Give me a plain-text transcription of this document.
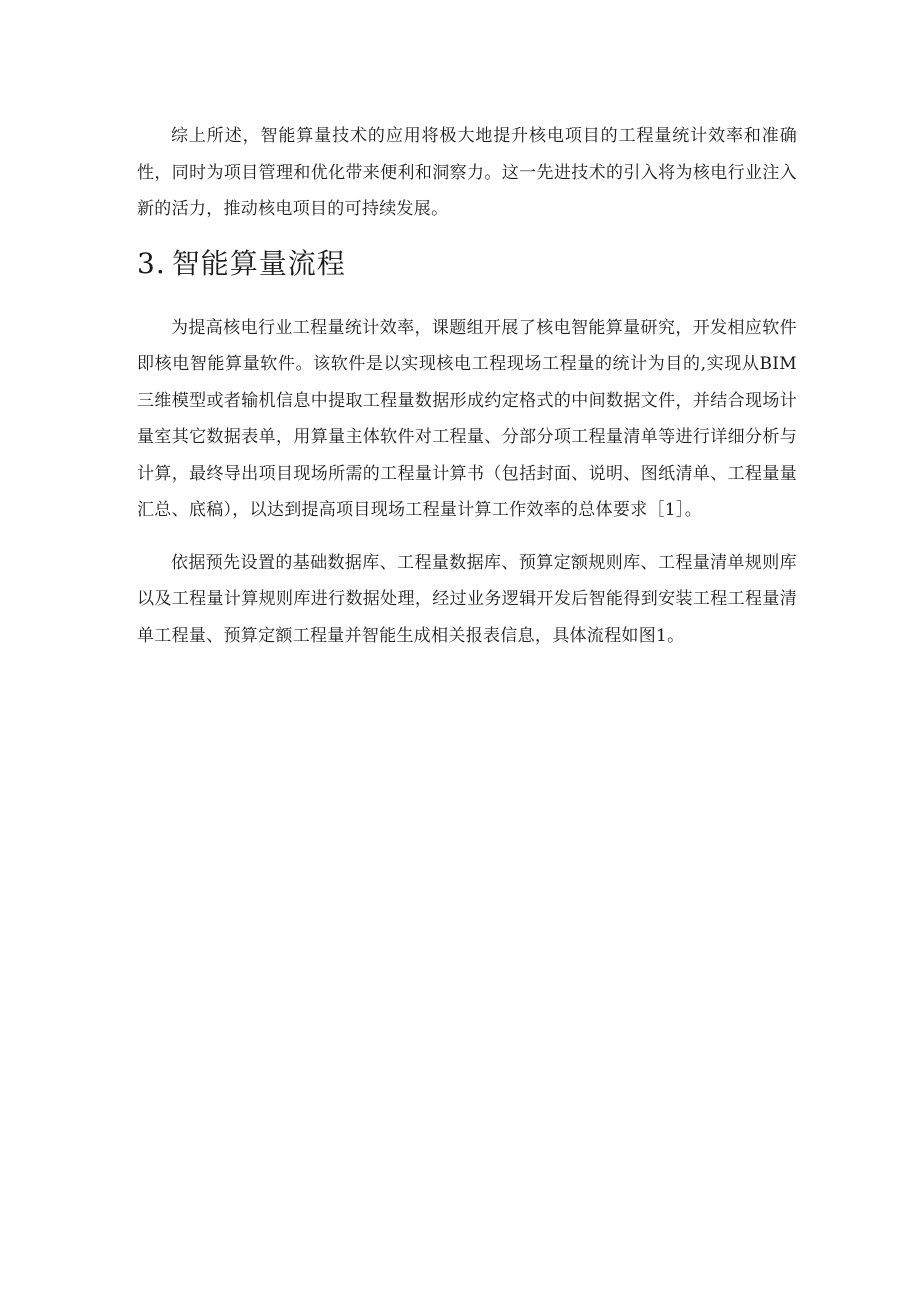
综上所述，智能算量技术的应用将极大地提升核电项目的工程量统计效率和准确性，同时为项目管理和优化带来便利和洞察力。这一先进技术的引入将为核电行业注入新的活力，推动核电项目的可持续发展。

3. 智能算量流程

为提高核电行业工程量统计效率，课题组开展了核电智能算量研究，开发相应软件即核电智能算量软件。该软件是以实现核电工程现场工程量的统计为目的,实现从BIM三维模型或者输机信息中提取工程量数据形成约定格式的中间数据文件，并结合现场计量室其它数据表单，用算量主体软件对工程量、分部分项工程量清单等进行详细分析与计算，最终导出项目现场所需的工程量计算书（包括封面、说明、图纸清单、工程量量汇总、底稿），以达到提高项目现场工程量计算工作效率的总体要求［1］。

依据预先设置的基础数据库、工程量数据库、预算定额规则库、工程量清单规则库以及工程量计算规则库进行数据处理，经过业务逻辑开发后智能得到安装工程工程量清单工程量、预算定额工程量并智能生成相关报表信息，具体流程如图1。
